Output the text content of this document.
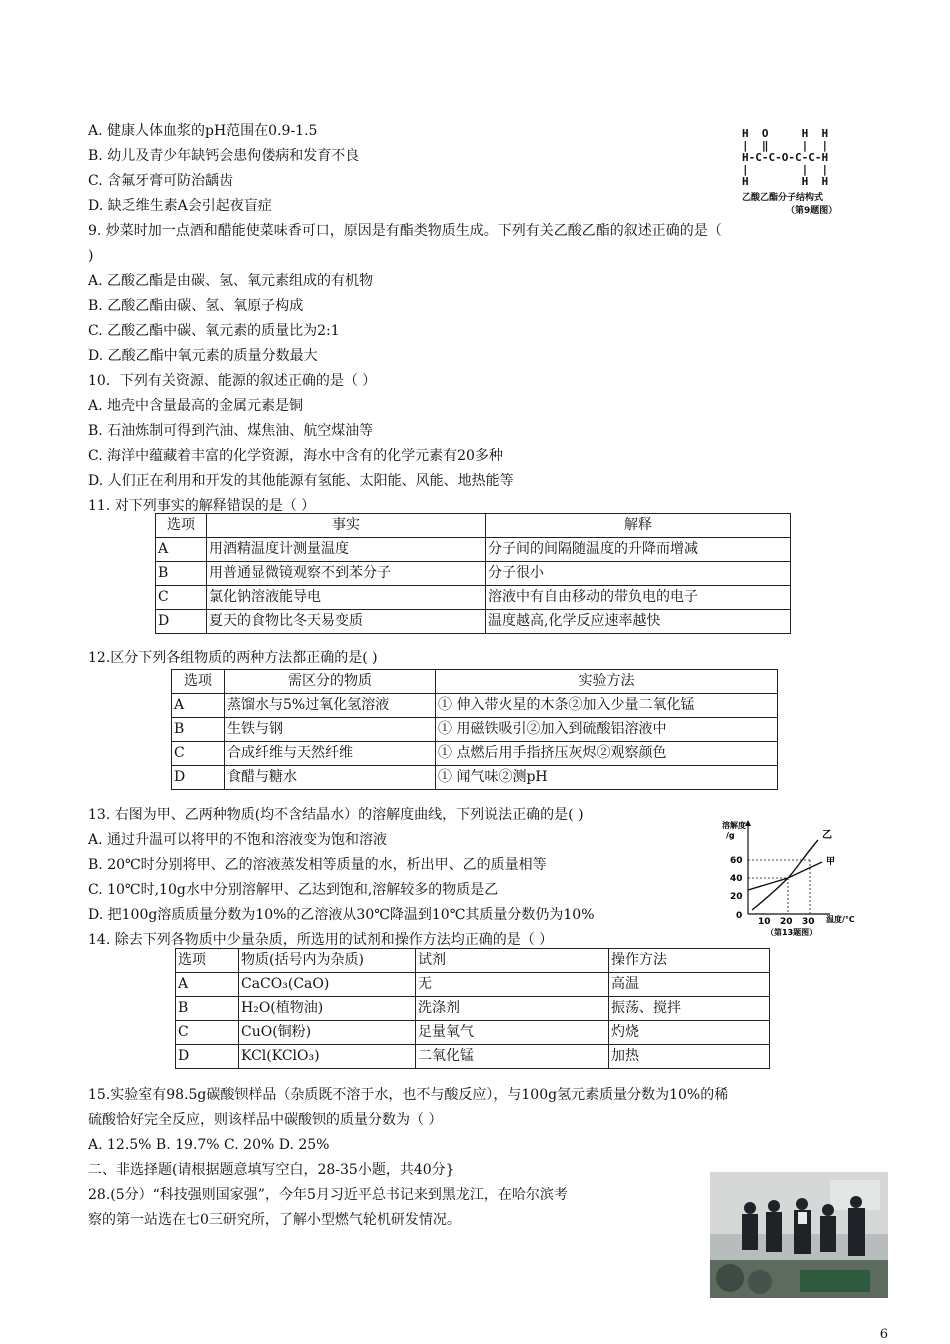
A. 健康人体血浆的pH范围在0.9-1.5
B. 幼儿及青少年缺钙会患佝偻病和发育不良
C. 含氟牙膏可防治龋齿
D. 缺乏维生素A会引起夜盲症
9. 炒菜时加一点酒和醋能使菜味香可口，原因是有酯类物质生成。下列有关乙酸乙酯的叙述正确的是（
)
A. 乙酸乙酯是由碳、氢、氧元素组成的有机物
B. 乙酸乙酯由碳、氢、氧原子构成
C. 乙酸乙酯中碳、氧元素的质量比为2:1
D. 乙酸乙酯中氧元素的质量分数最大
10．下列有关资源、能源的叙述正确的是（ ）
A. 地壳中含量最高的金属元素是铜
B. 石油炼制可得到汽油、煤焦油、航空煤油等
C. 海洋中蕴藏着丰富的化学资源，海水中含有的化学元素有20多种
D. 人们正在利用和开发的其他能源有氢能、太阳能、风能、地热能等
11. 对下列事实的解释错误的是（ ）
选项	事实	解释
A	用酒精温度计测量温度	分子间的间隔随温度的升降而增减
B	用普通显微镜观察不到苯分子	分子很小
C	氯化钠溶液能导电	溶液中有自由移动的带负电的电子
D	夏天的食物比冬天易变质	温度越高,化学反应速率越快
12.区分下列各组物质的两种方法都正确的是( )
选项	需区分的物质	实验方法
A	蒸馏水与5%过氧化氢溶液	① 伸入带火星的木条②加入少量二氧化锰
B	生铁与钢	① 用磁铁吸引②加入到硫酸铝溶液中
C	合成纤维与天然纤维	① 点燃后用手指挤压灰烬②观察颜色
D	食醋与糖水	① 闻气味②测pH
13. 右图为甲、乙两种物质(均不含结晶水）的溶解度曲线，下列说法正确的是( )
A. 通过升温可以将甲的不饱和溶液变为饱和溶液
B. 20℃时分别将甲、乙的溶液蒸发相等质量的水，析出甲、乙的质量相等
C. 10℃时,10g水中分别溶解甲、乙达到饱和,溶解较多的物质是乙
D. 把100g溶质质量分数为10%的乙溶液从30℃降温到10℃其质量分数仍为10%
14. 除去下列各物质中少量杂质，所选用的试剂和操作方法均正确的是（ ）
选项	物质(括号内为杂质)	试剂	操作方法
A	CaCO₃(CaO)	无	高温
B	H₂O(植物油)	洗涤剂	振荡、搅拌
C	CuO(铜粉)	足量氧气	灼烧
D	KCl(KClO₃)	二氧化锰	加热
15.实验室有98.5g碳酸钡样品（杂质既不溶于水，也不与酸反应），与100g氢元素质量分数为10%的稀
硫酸恰好完全反应，则该样品中碳酸钡的质量分数为（ ）
A. 12.5% B. 19.7% C. 20% D. 25%
二、非选择题(请根据题意填写空白，28-35小题，共40分}
28.(5分）“科技强则国家强”，今年5月习近平总书记来到黑龙江，在哈尔滨考
察的第一站选在七0三研究所，了解小型燃气轮机研发情况。
H  O     H  H
|  ‖     |  |
H-C-C-O-C-C-H
|        |  |
H        H  H
乙酸乙酯分子结构式
（第9题图）
溶解度
/g
60
40
20
0
10 20 30 温度/℃
乙
甲
（第13题图）
6
